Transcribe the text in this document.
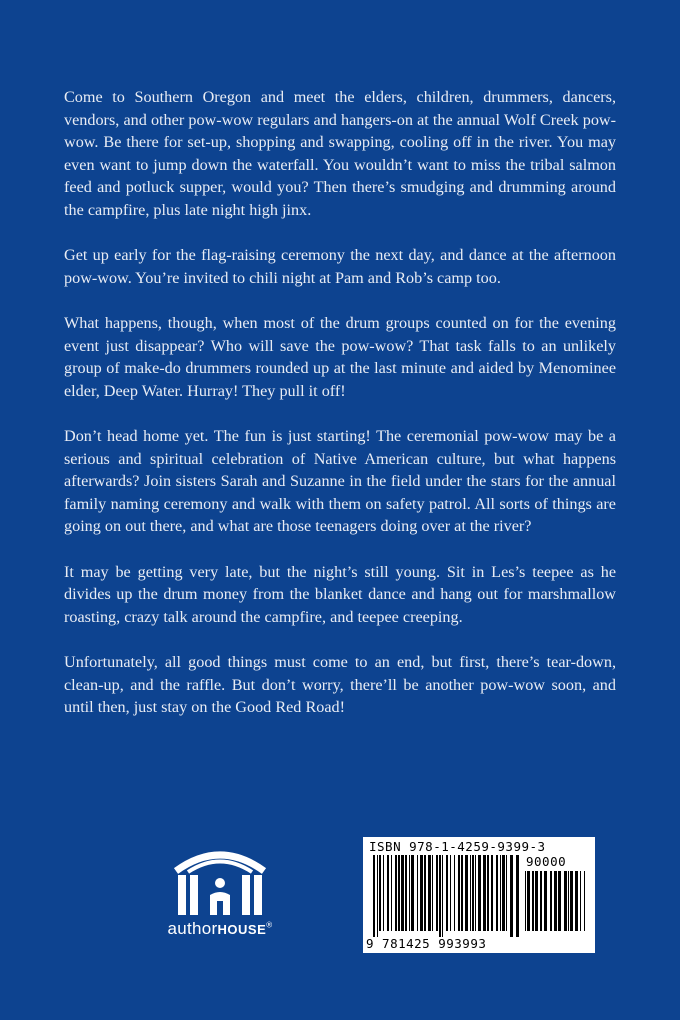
Come to Southern Oregon and meet the elders, children, drummers, dancers, vendors, and other pow-wow regulars and hangers-on at the annual Wolf Creek pow-wow. Be there for set-up, shopping and swapping, cooling off in the river. You may even want to jump down the waterfall. You wouldn’t want to miss the tribal salmon feed and potluck supper, would you? Then there’s smudging and drumming around the campfire, plus late night high jinx.

Get up early for the flag-raising ceremony the next day, and dance at the afternoon pow-wow. You’re invited to chili night at Pam and Rob’s camp too.

What happens, though, when most of the drum groups counted on for the evening event just disappear? Who will save the pow-wow? That task falls to an unlikely group of make-do drummers rounded up at the last minute and aided by Menominee elder, Deep Water. Hurray! They pull it off!

Don’t head home yet. The fun is just starting! The ceremonial pow-wow may be a serious and spiritual celebration of Native American culture, but what happens afterwards? Join sisters Sarah and Suzanne in the field under the stars for the annual family naming ceremony and walk with them on safety patrol. All sorts of things are going on out there, and what are those teenagers doing over at the river?

It may be getting very late, but the night’s still young. Sit in Les’s teepee as he divides up the drum money from the blanket dance and hang out for marshmallow roasting, crazy talk around the campfire, and teepee creeping.

Unfortunately, all good things must come to an end, but first, there’s tear-down, clean-up, and the raffle. But don’t worry, there’ll be another pow-wow soon, and until then, just stay on the Good Red Road!

authorHOUSE®
ISBN 978-1-4259-9399-3
90000
9 781425 993993
